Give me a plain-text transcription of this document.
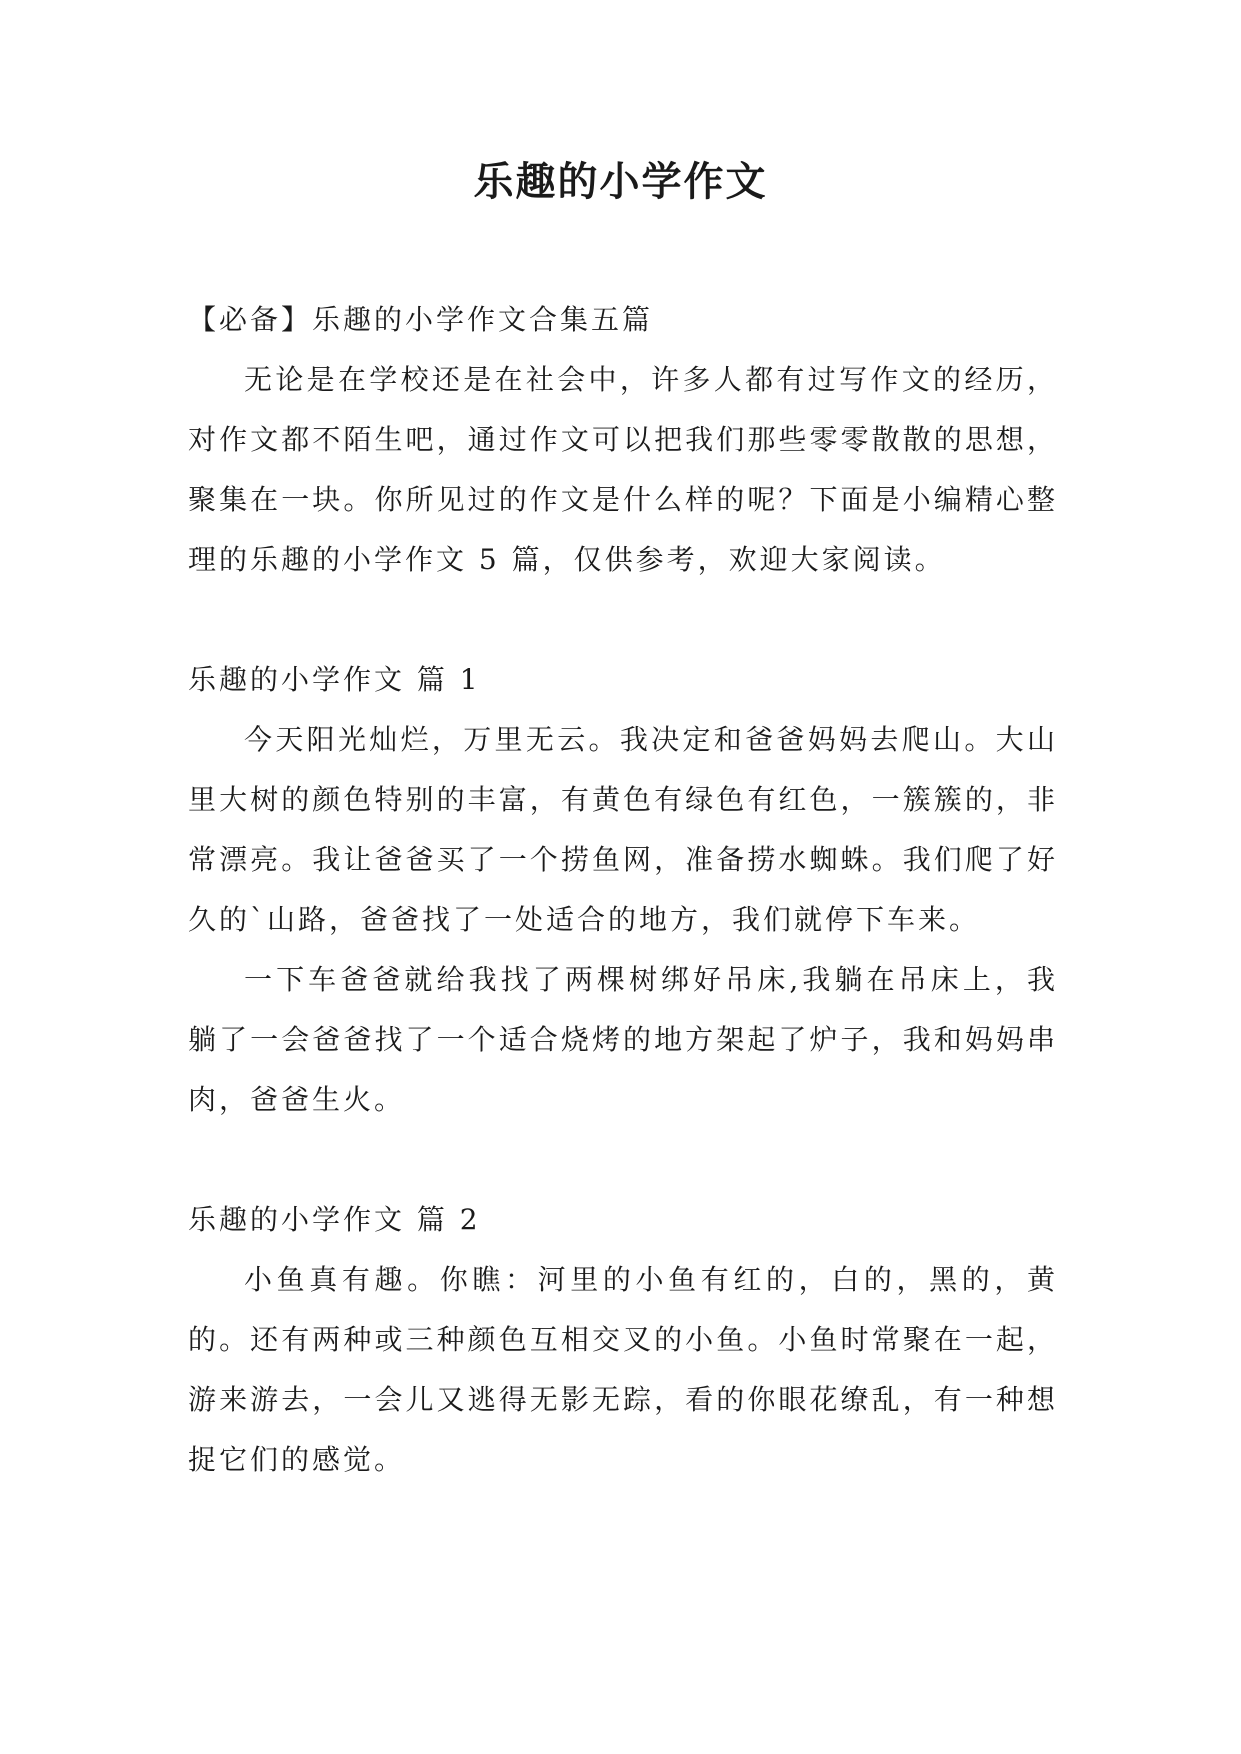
乐趣的小学作文

【必备】乐趣的小学作文合集五篇

无论是在学校还是在社会中，许多人都有过写作文的经历，对作文都不陌生吧，通过作文可以把我们那些零零散散的思想，聚集在一块。你所见过的作文是什么样的呢？下面是小编精心整理的乐趣的小学作文 5 篇，仅供参考，欢迎大家阅读。

乐趣的小学作文 篇 1

今天阳光灿烂，万里无云。我决定和爸爸妈妈去爬山。大山里大树的颜色特别的丰富，有黄色有绿色有红色，一簇簇的，非常漂亮。我让爸爸买了一个捞鱼网，准备捞水蜘蛛。我们爬了好久的`山路，爸爸找了一处适合的地方，我们就停下车来。

一下车爸爸就给我找了两棵树绑好吊床,我躺在吊床上，我躺了一会爸爸找了一个适合烧烤的地方架起了炉子，我和妈妈串肉，爸爸生火。

乐趣的小学作文 篇 2

小鱼真有趣。你瞧：河里的小鱼有红的，白的，黑的，黄的。还有两种或三种颜色互相交叉的小鱼。小鱼时常聚在一起，游来游去，一会儿又逃得无影无踪，看的你眼花缭乱，有一种想捉它们的感觉。
